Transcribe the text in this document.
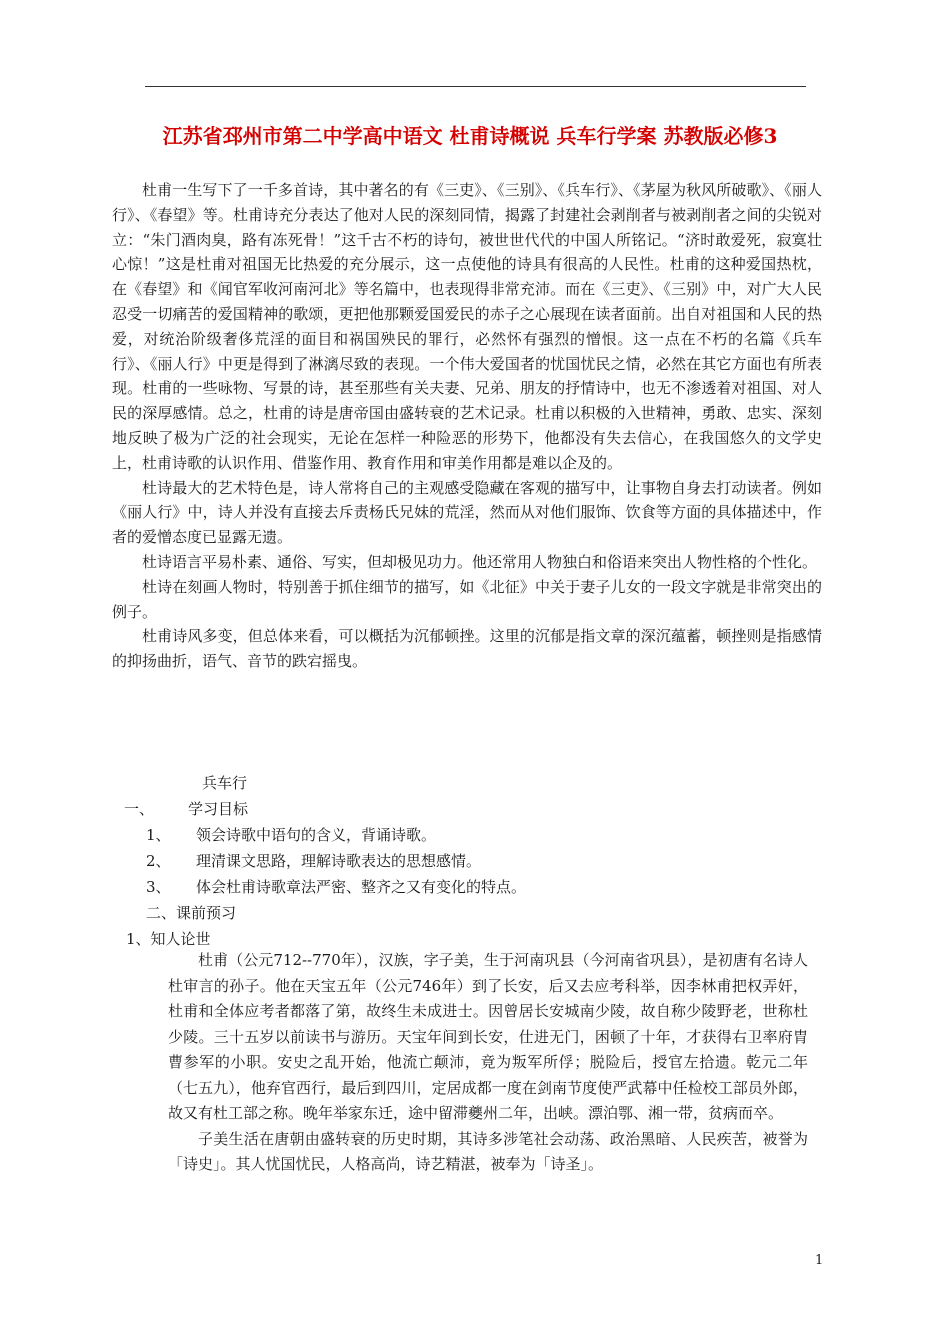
江苏省邳州市第二中学高中语文 杜甫诗概说 兵车行学案 苏教版必修3

杜甫一生写下了一千多首诗，其中著名的有《三吏》、《三别》、《兵车行》、《茅屋为秋风所破歌》、《丽人行》、《春望》等。杜甫诗充分表达了他对人民的深刻同情，揭露了封建社会剥削者与被剥削者之间的尖锐对立：“朱门酒肉臭，路有冻死骨！”这千古不朽的诗句，被世世代代的中国人所铭记。“济时敢爱死，寂寞壮心惊！”这是杜甫对祖国无比热爱的充分展示，这一点使他的诗具有很高的人民性。杜甫的这种爱国热枕，在《春望》和《闻官军收河南河北》等名篇中，也表现得非常充沛。而在《三吏》、《三别》中，对广大人民忍受一切痛苦的爱国精神的歌颂，更把他那颗爱国爱民的赤子之心展现在读者面前。出自对祖国和人民的热爱，对统治阶级奢侈荒淫的面目和祸国殃民的罪行，必然怀有强烈的憎恨。这一点在不朽的名篇《兵车行》、《丽人行》中更是得到了淋漓尽致的表现。一个伟大爱国者的忧国忧民之情，必然在其它方面也有所表现。杜甫的一些咏物、写景的诗，甚至那些有关夫妻、兄弟、朋友的抒情诗中，也无不渗透着对祖国、对人民的深厚感情。总之，杜甫的诗是唐帝国由盛转衰的艺术记录。杜甫以积极的入世精神，勇敢、忠实、深刻地反映了极为广泛的社会现实，无论在怎样一种险恶的形势下，他都没有失去信心，在我国悠久的文学史上，杜甫诗歌的认识作用、借鉴作用、教育作用和审美作用都是难以企及的。

杜诗最大的艺术特色是，诗人常将自己的主观感受隐藏在客观的描写中，让事物自身去打动读者。例如《丽人行》中，诗人并没有直接去斥责杨氏兄妹的荒淫，然而从对他们服饰、饮食等方面的具体描述中，作者的爱憎态度已显露无遗。

杜诗语言平易朴素、通俗、写实，但却极见功力。他还常用人物独白和俗语来突出人物性格的个性化。

杜诗在刻画人物时，特别善于抓住细节的描写，如《北征》中关于妻子儿女的一段文字就是非常突出的例子。

杜甫诗风多变，但总体来看，可以概括为沉郁顿挫。这里的沉郁是指文章的深沉蕴蓄，顿挫则是指感情的抑扬曲折，语气、音节的跌宕摇曳。

兵车行
一、 学习目标
1、 领会诗歌中语句的含义，背诵诗歌。
2、 理清课文思路，理解诗歌表达的思想感情。
3、 体会杜甫诗歌章法严密、整齐之又有变化的特点。
二、课前预习
1、知人论世

杜甫（公元712--770年），汉族，字子美，生于河南巩县（今河南省巩县），是初唐有名诗人杜审言的孙子。他在天宝五年（公元746年）到了长安，后又去应考科举，因李林甫把权弄奸，杜甫和全体应考者都落了第，故终生未成进士。因曾居长安城南少陵，故自称少陵野老，世称杜少陵。三十五岁以前读书与游历。天宝年间到长安，仕进无门，困顿了十年，才获得右卫率府胄曹参军的小职。安史之乱开始，他流亡颠沛，竟为叛军所俘；脱险后，授官左拾遗。乾元二年（七五九），他弃官西行，最后到四川，定居成都一度在剑南节度使严武幕中任检校工部员外郎，故又有杜工部之称。晚年举家东迁，途中留滞夔州二年，出峡。漂泊鄂、湘一带，贫病而卒。

子美生活在唐朝由盛转衰的历史时期，其诗多涉笔社会动荡、政治黑暗、人民疾苦，被誉为「诗史」。其人忧国忧民，人格高尚，诗艺精湛，被奉为「诗圣」。

1
